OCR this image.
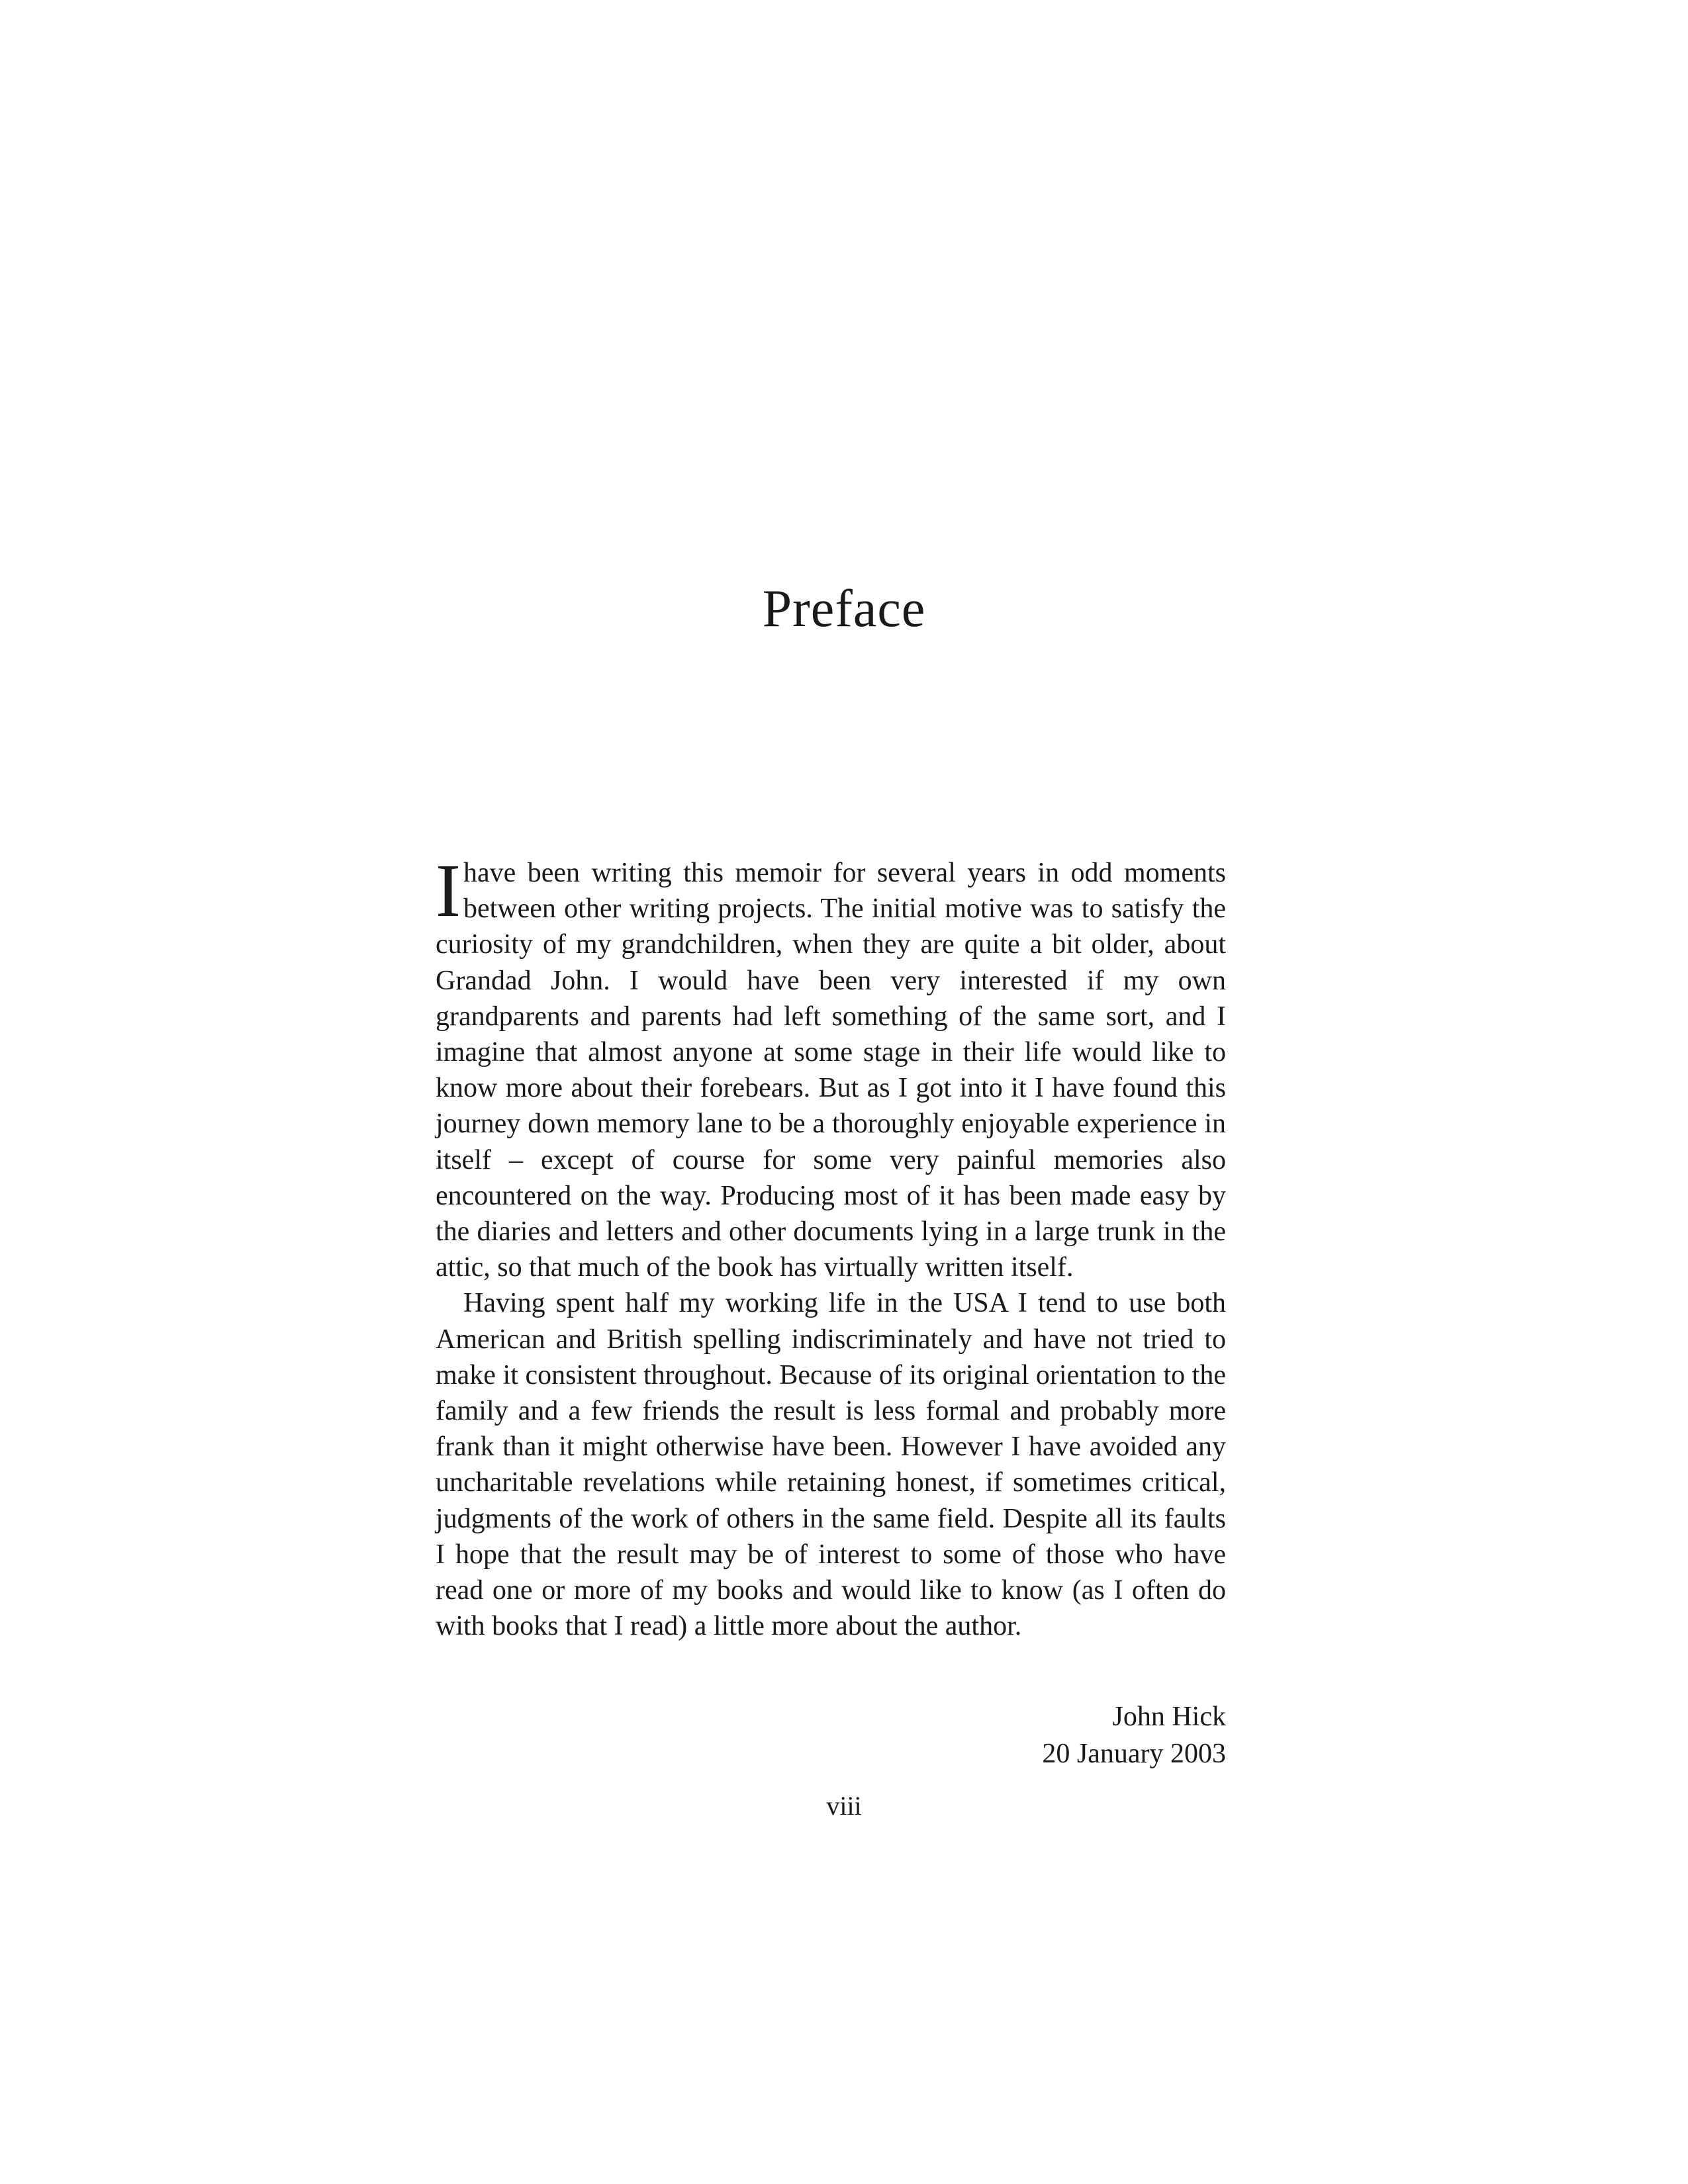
Preface

Ihave been writing this memoir for several years in odd moments between other writing projects. The initial motive was to satisfy the curiosity of my grandchildren, when they are quite a bit older, about Grandad John. I would have been very interested if my own grandparents and parents had left something of the same sort, and I imagine that almost anyone at some stage in their life would like to know more about their forebears. But as I got into it I have found this journey down memory lane to be a thoroughly enjoyable experience in itself – except of course for some very painful memories also encountered on the way. Producing most of it has been made easy by the diaries and letters and other documents lying in a large trunk in the attic, so that much of the book has virtually written itself.

Having spent half my working life in the USA I tend to use both American and British spelling indiscriminately and have not tried to make it consistent throughout. Because of its original orientation to the family and a few friends the result is less formal and probably more frank than it might otherwise have been. However I have avoided any uncharitable revelations while retaining honest, if sometimes critical, judgments of the work of others in the same field. Despite all its faults I hope that the result may be of interest to some of those who have read one or more of my books and would like to know (as I often do with books that I read) a little more about the author.

John Hick
20 January 2003
viii
